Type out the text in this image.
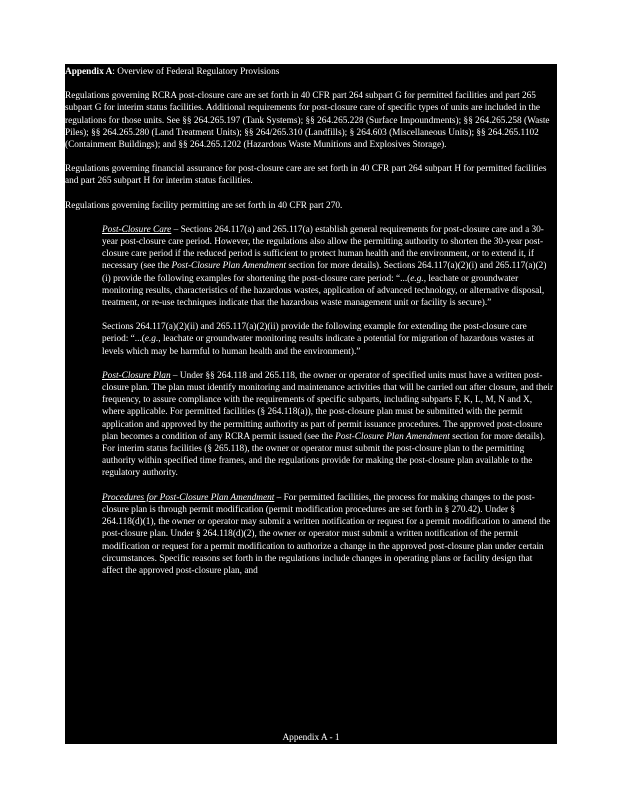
Appendix A: Overview of Federal Regulatory Provisions

Regulations governing RCRA post-closure care are set forth in 40 CFR part 264 subpart G for permitted facilities and part 265 subpart G for interim status facilities. Additional requirements for post-closure care of specific types of units are included in the regulations for those units. See §§ 264.265.197 (Tank Systems); §§ 264.265.228 (Surface Impoundments); §§ 264.265.258 (Waste Piles); §§ 264.265.280 (Land Treatment Units); §§ 264/265.310 (Landfills); § 264.603 (Miscellaneous Units); §§ 264.265.1102 (Containment Buildings); and §§ 264.265.1202 (Hazardous Waste Munitions and Explosives Storage).

Regulations governing financial assurance for post-closure care are set forth in 40 CFR part 264 subpart H for permitted facilities and part 265 subpart H for interim status facilities.

Regulations governing facility permitting are set forth in 40 CFR part 270.

Post-Closure Care – Sections 264.117(a) and 265.117(a) establish general requirements for post-closure care and a 30-year post-closure care period. However, the regulations also allow the permitting authority to shorten the 30-year post-closure care period if the reduced period is sufficient to protect human health and the environment, or to extend it, if necessary (see the Post-Closure Plan Amendment section for more details). Sections 264.117(a)(2)(i) and 265.117(a)(2)(i) provide the following examples for shortening the post-closure care period: “...(e.g., leachate or groundwater monitoring results, characteristics of the hazardous wastes, application of advanced technology, or alternative disposal, treatment, or re-use techniques indicate that the hazardous waste management unit or facility is secure).”

Sections 264.117(a)(2)(ii) and 265.117(a)(2)(ii) provide the following example for extending the post-closure care period: “...(e.g., leachate or groundwater monitoring results indicate a potential for migration of hazardous wastes at levels which may be harmful to human health and the environment).”

Post-Closure Plan – Under §§ 264.118 and 265.118, the owner or operator of specified units must have a written post-closure plan. The plan must identify monitoring and maintenance activities that will be carried out after closure, and their frequency, to assure compliance with the requirements of specific subparts, including subparts F, K, L, M, N and X, where applicable. For permitted facilities (§ 264.118(a)), the post-closure plan must be submitted with the permit application and approved by the permitting authority as part of permit issuance procedures. The approved post-closure plan becomes a condition of any RCRA permit issued (see the Post-Closure Plan Amendment section for more details). For interim status facilities (§ 265.118), the owner or operator must submit the post-closure plan to the permitting authority within specified time frames, and the regulations provide for making the post-closure plan available to the regulatory authority.

Procedures for Post-Closure Plan Amendment – For permitted facilities, the process for making changes to the post-closure plan is through permit modification (permit modification procedures are set forth in § 270.42). Under § 264.118(d)(1), the owner or operator may submit a written notification or request for a permit modification to amend the post-closure plan. Under § 264.118(d)(2), the owner or operator must submit a written notification of the permit modification or request for a permit modification to authorize a change in the approved post-closure plan under certain circumstances. Specific reasons set forth in the regulations include changes in operating plans or facility design that affect the approved post-closure plan, and

Appendix A - 1
